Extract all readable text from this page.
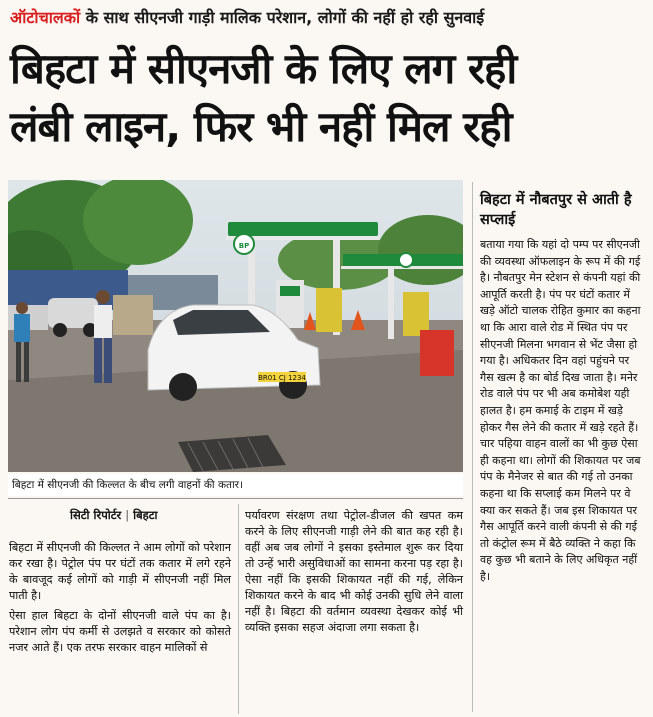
ऑटोचालकों के साथ सीएनजी गाड़ी मालिक परेशान, लोगों की नहीं हो रही सुनवाई
बिहटा में सीएनजी के लिए लग रही
लंबी लाइन, फिर भी नहीं मिल रही
BR01 CJ 1234
BP
बिहटा में सीएनजी की किल्लत के बीच लगी वाहनों की कतार।
सिटी रिपोर्टर | बिहटा

बिहटा में सीएनजी की किल्लत ने आम लोगों को परेशान कर रखा है। पेट्रोल पंप पर घंटों तक कतार में लगे रहने के बावजूद कई लोगों को गाड़ी में सीएनजी नहीं मिल पाती है।

ऐसा हाल बिहटा के दोनों सीएनजी वाले पंप का है। परेशान लोग पंप कर्मी से उलझते व सरकार को कोसते नजर आते हैं। एक तरफ सरकार वाहन मालिकों से

पर्यावरण संरक्षण तथा पेट्रोल-डीजल की खपत कम करने के लिए सीएनजी गाड़ी लेने की बात कह रही है। वहीं अब जब लोगों ने इसका इस्तेमाल शुरू कर दिया तो उन्हें भारी असुविधाओं का सामना करना पड़ रहा है। ऐसा नहीं कि इसकी शिकायत नहीं की गई, लेकिन शिकायत करने के बाद भी कोई उनकी सुधि लेने वाला नहीं है। बिहटा की वर्तमान व्यवस्था देखकर कोई भी व्यक्ति इसका सहज अंदाजा लगा सकता है।

बिहटा में नौबतपुर से आती है सप्लाई

बताया गया कि यहां दो पम्प पर सीएनजी की व्यवस्था ऑफलाइन के रूप में की गई है। नौबतपुर मेन स्टेशन से कंपनी यहां की आपूर्ति करती है। पंप पर घंटों कतार में खड़े ऑटो चालक रोहित कुमार का कहना था कि आरा वाले रोड में स्थित पंप पर सीएनजी मिलना भगवान से भेंट जैसा हो गया है। अधिकतर दिन वहां पहुंचने पर गैस खत्म है का बोर्ड दिख जाता है। मनेर रोड वाले पंप पर भी अब कमोबेश यही हालत है। हम कमाई के टाइम में खड़े होकर गैस लेने की कतार में खड़े रहते हैं। चार पहिया वाहन वालों का भी कुछ ऐसा ही कहना था। लोगों की शिकायत पर जब पंप के मैनेजर से बात की गई तो उनका कहना था कि सप्लाई कम मिलने पर वे क्या कर सकते हैं। जब इस शिकायत पर गैस आपूर्ति करने वाली कंपनी से की गई तो कंट्रोल रूम में बैठे व्यक्ति ने कहा कि वह कुछ भी बताने के लिए अधिकृत नहीं है।
